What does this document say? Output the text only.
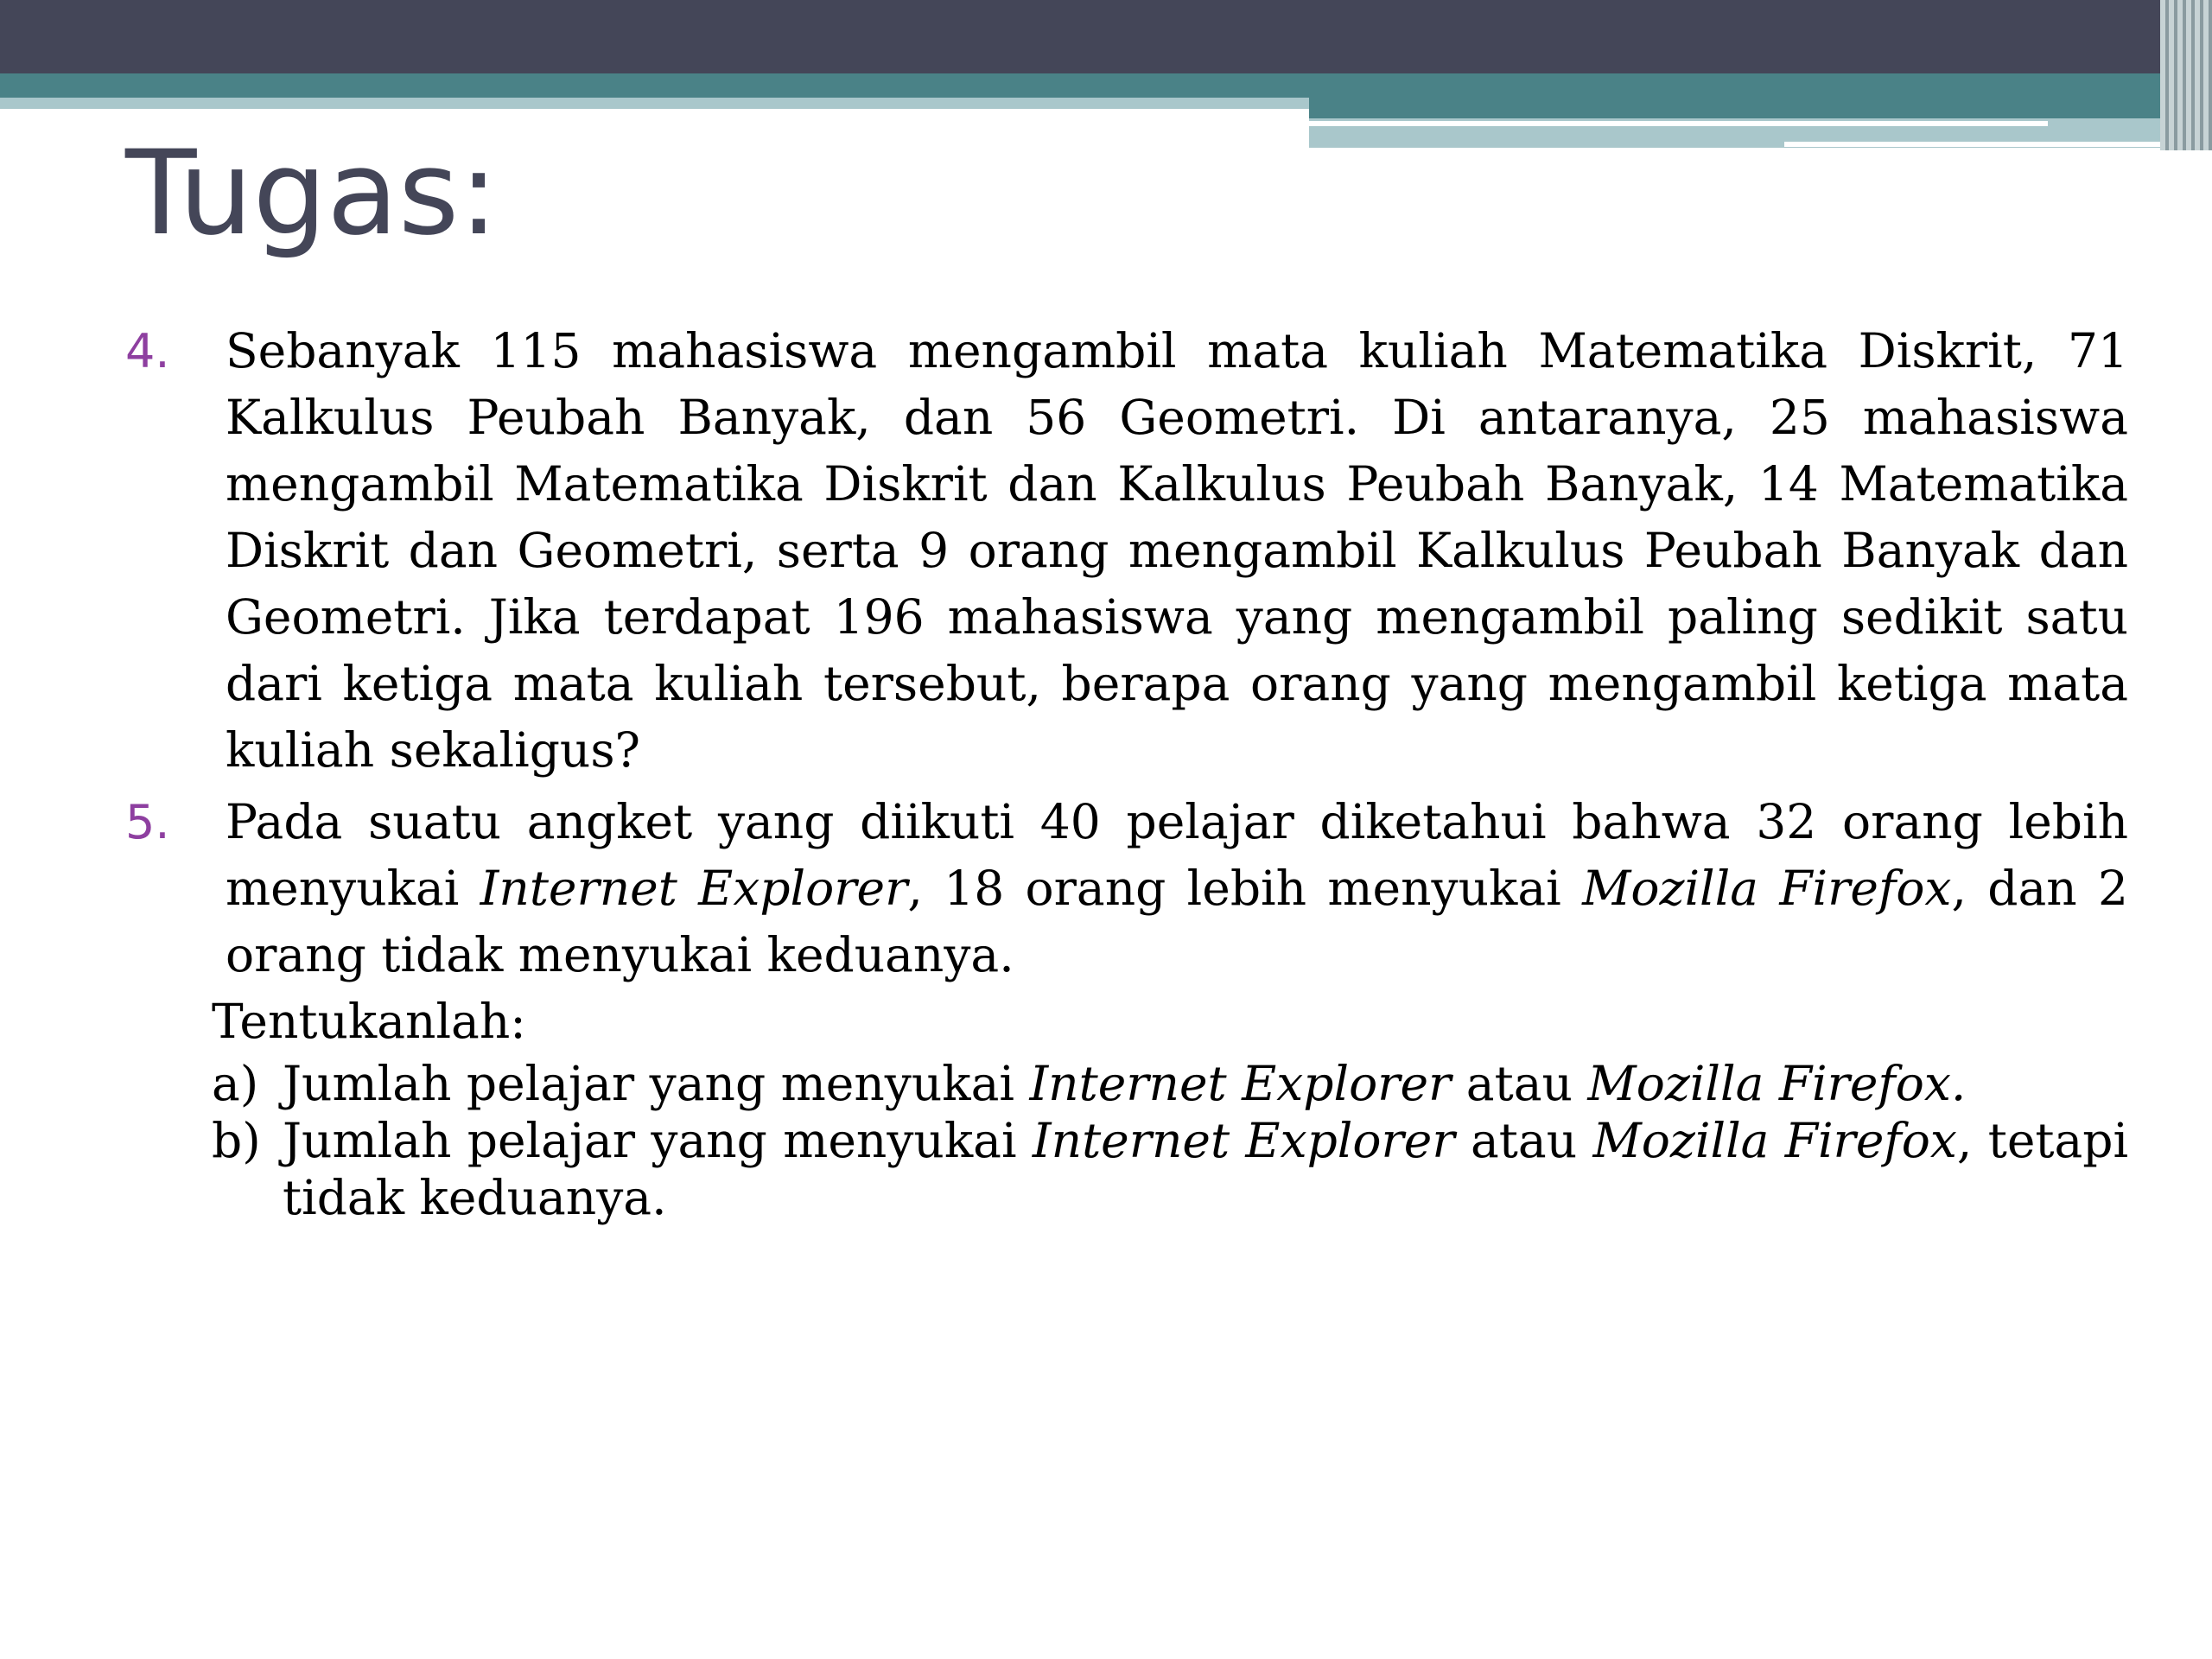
Tugas:
4.	Sebanyak 115 mahasiswa mengambil mata kuliah Matematika Diskrit, 71 Kalkulus Peubah Banyak, dan 56 Geometri. Di antaranya, 25 mahasiswa mengambil Matematika Diskrit dan Kalkulus Peubah Banyak, 14 Matematika Diskrit dan Geometri, serta 9 orang mengambil Kalkulus Peubah Banyak dan Geometri. Jika terdapat 196 mahasiswa yang mengambil paling sedikit satu dari ketiga mata kuliah tersebut, berapa orang yang mengambil ketiga mata kuliah sekaligus?

5.	Pada suatu angket yang diikuti 40 pelajar diketahui bahwa 32 orang lebih menyukai Internet Explorer, 18 orang lebih menyukai Mozilla Firefox, dan 2 orang tidak menyukai keduanya.

Tentukanlah:

a) Jumlah pelajar yang menyukai Internet Explorer atau Mozilla Firefox.
b) Jumlah pelajar yang menyukai Internet Explorer atau Mozilla Firefox, tetapi tidak keduanya.
